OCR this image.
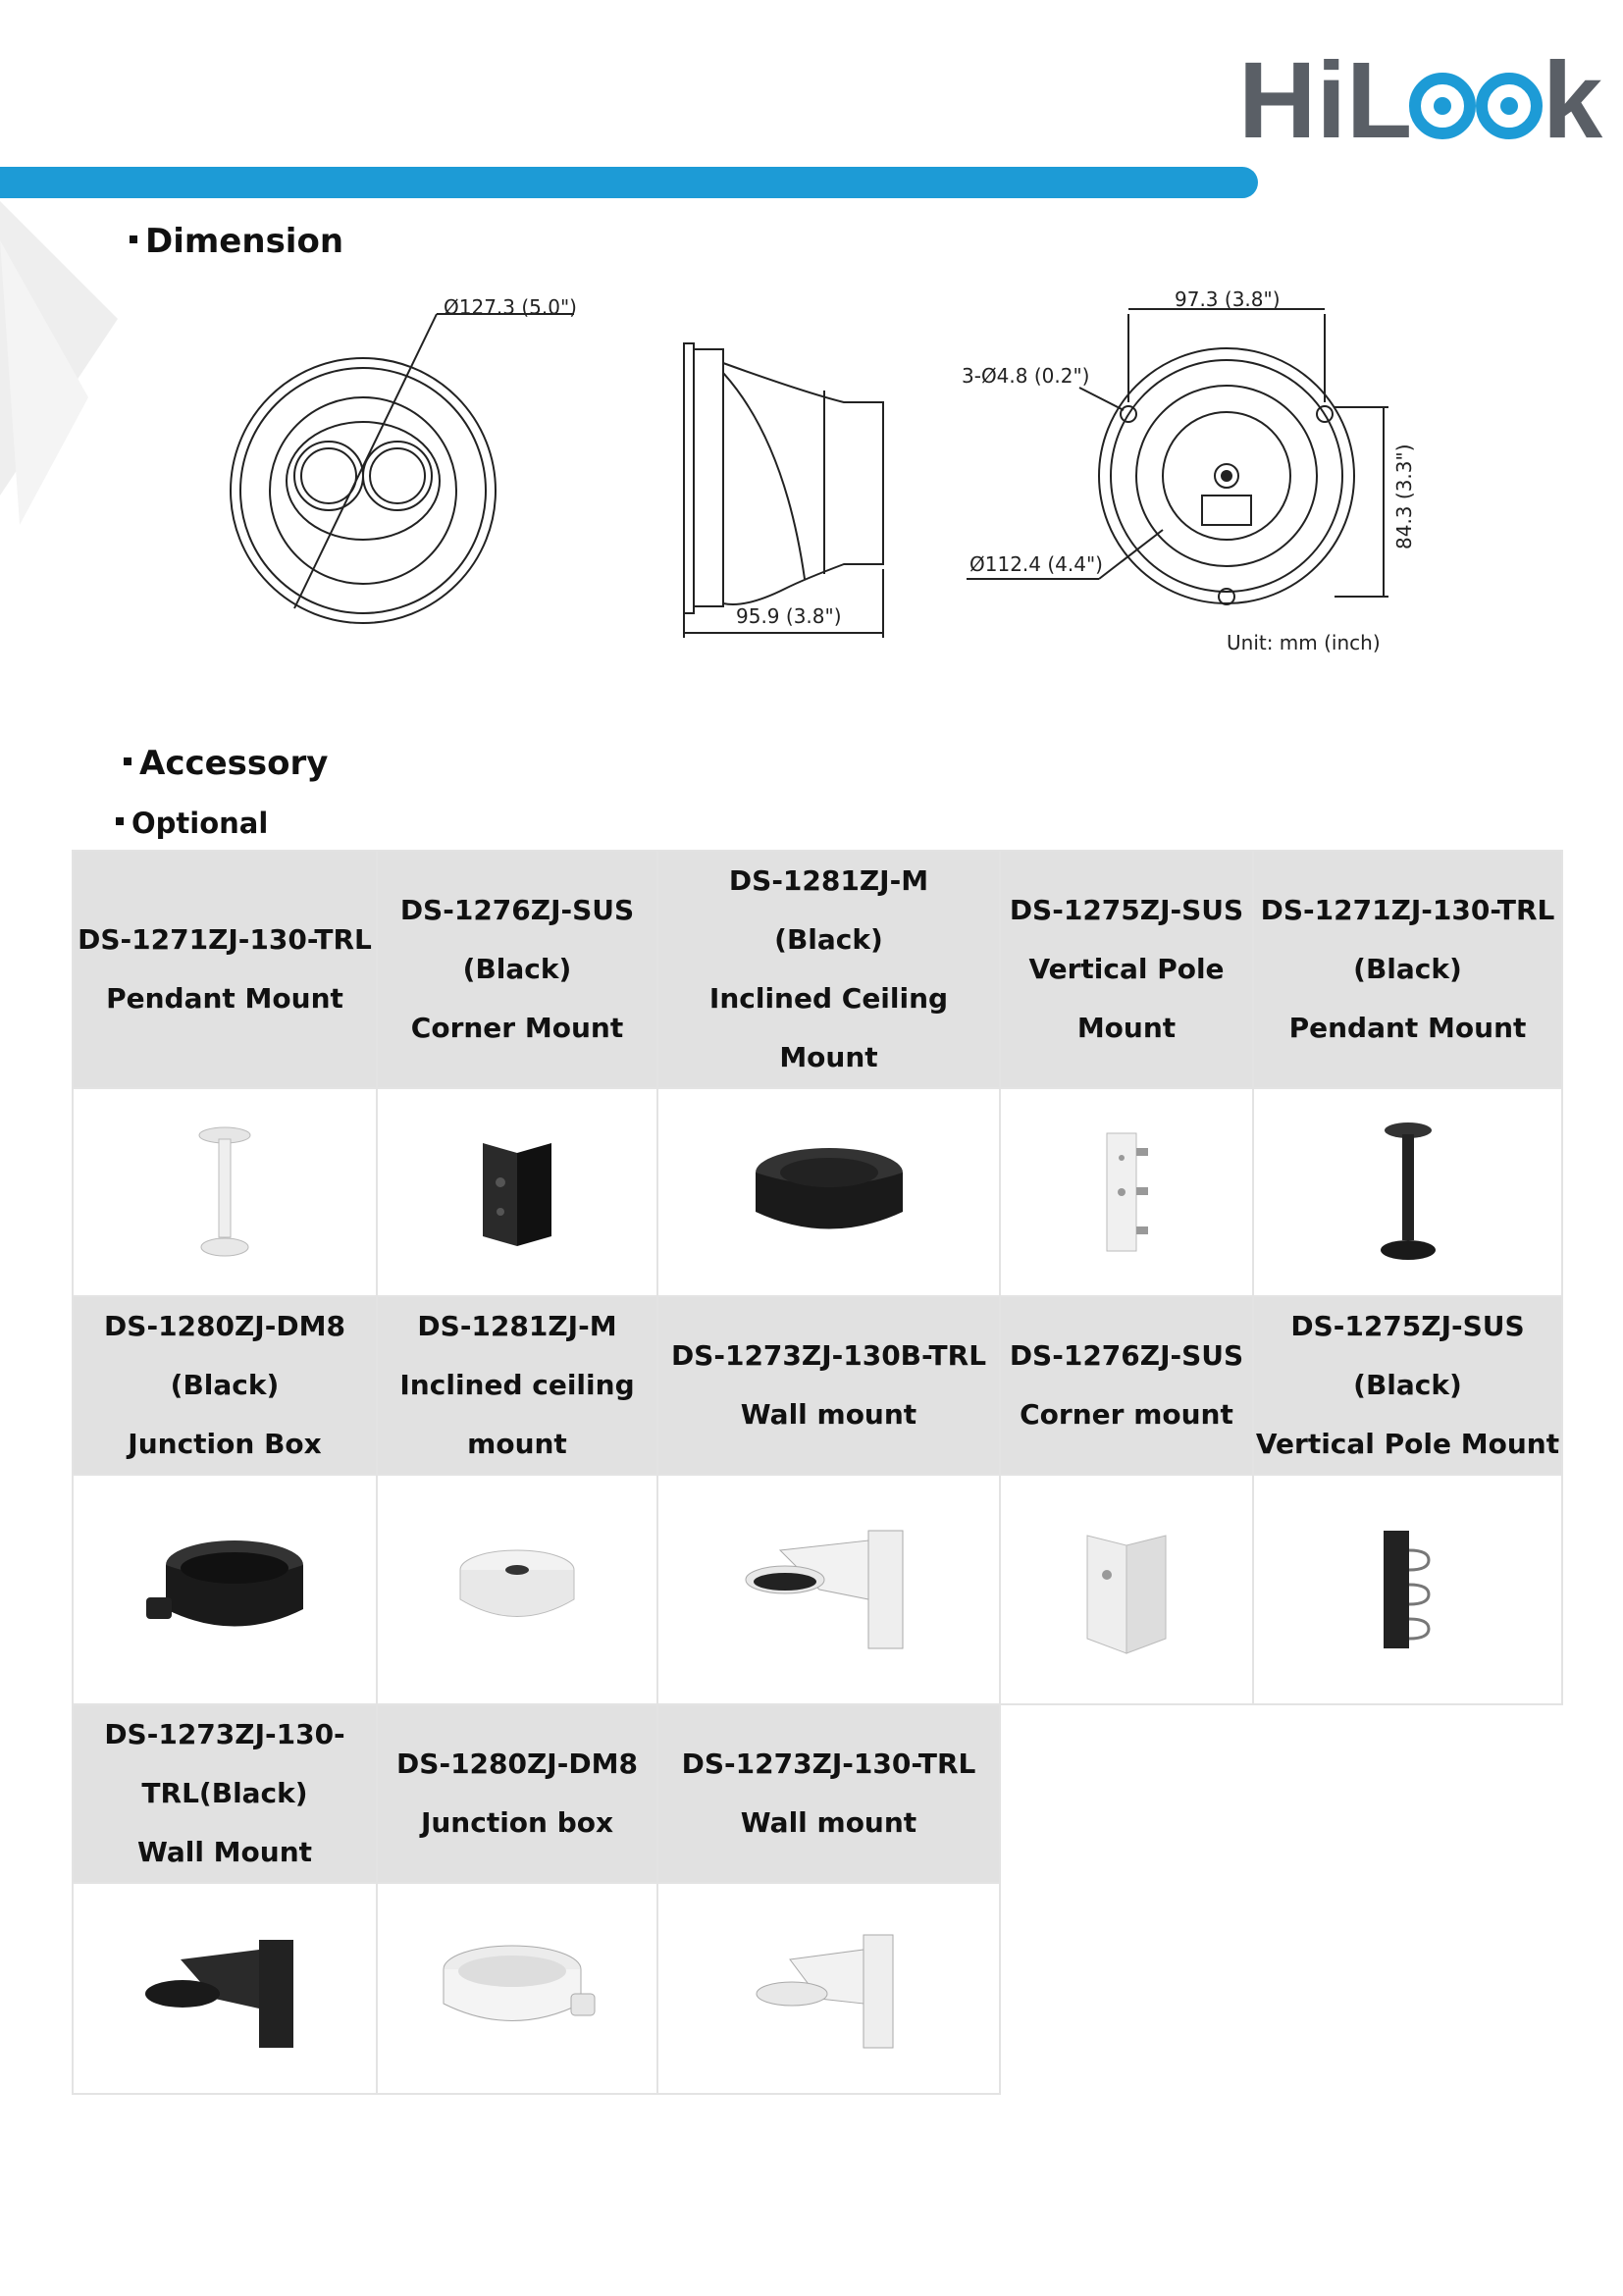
Hi L k
Dimension
Accessory
Optional
Ø127.3 (5.0")
95.9 (3.8")
97.3 (3.8")
3-Ø4.8 (0.2")
Ø112.4 (4.4")
84.3 (3.3")
Unit: mm (inch)
DS-1271ZJ-130-TRL
Pendant Mount	DS-1276ZJ-SUS
(Black)
Corner Mount	DS-1281ZJ-M
(Black)
Inclined Ceiling
Mount	DS-1275ZJ-SUS
Vertical Pole
Mount	DS-1271ZJ-130-TRL
(Black)
Pendant Mount

DS-1280ZJ-DM8
(Black)
Junction Box	DS-1281ZJ-M
Inclined ceiling
mount	DS-1273ZJ-130B-TRL
Wall mount	DS-1276ZJ-SUS
Corner mount	DS-1275ZJ-SUS
(Black)
Vertical Pole Mount

DS-1273ZJ-130-
TRL(Black)
Wall Mount	DS-1280ZJ-DM8
Junction box	DS-1273ZJ-130-TRL
Wall mount		
